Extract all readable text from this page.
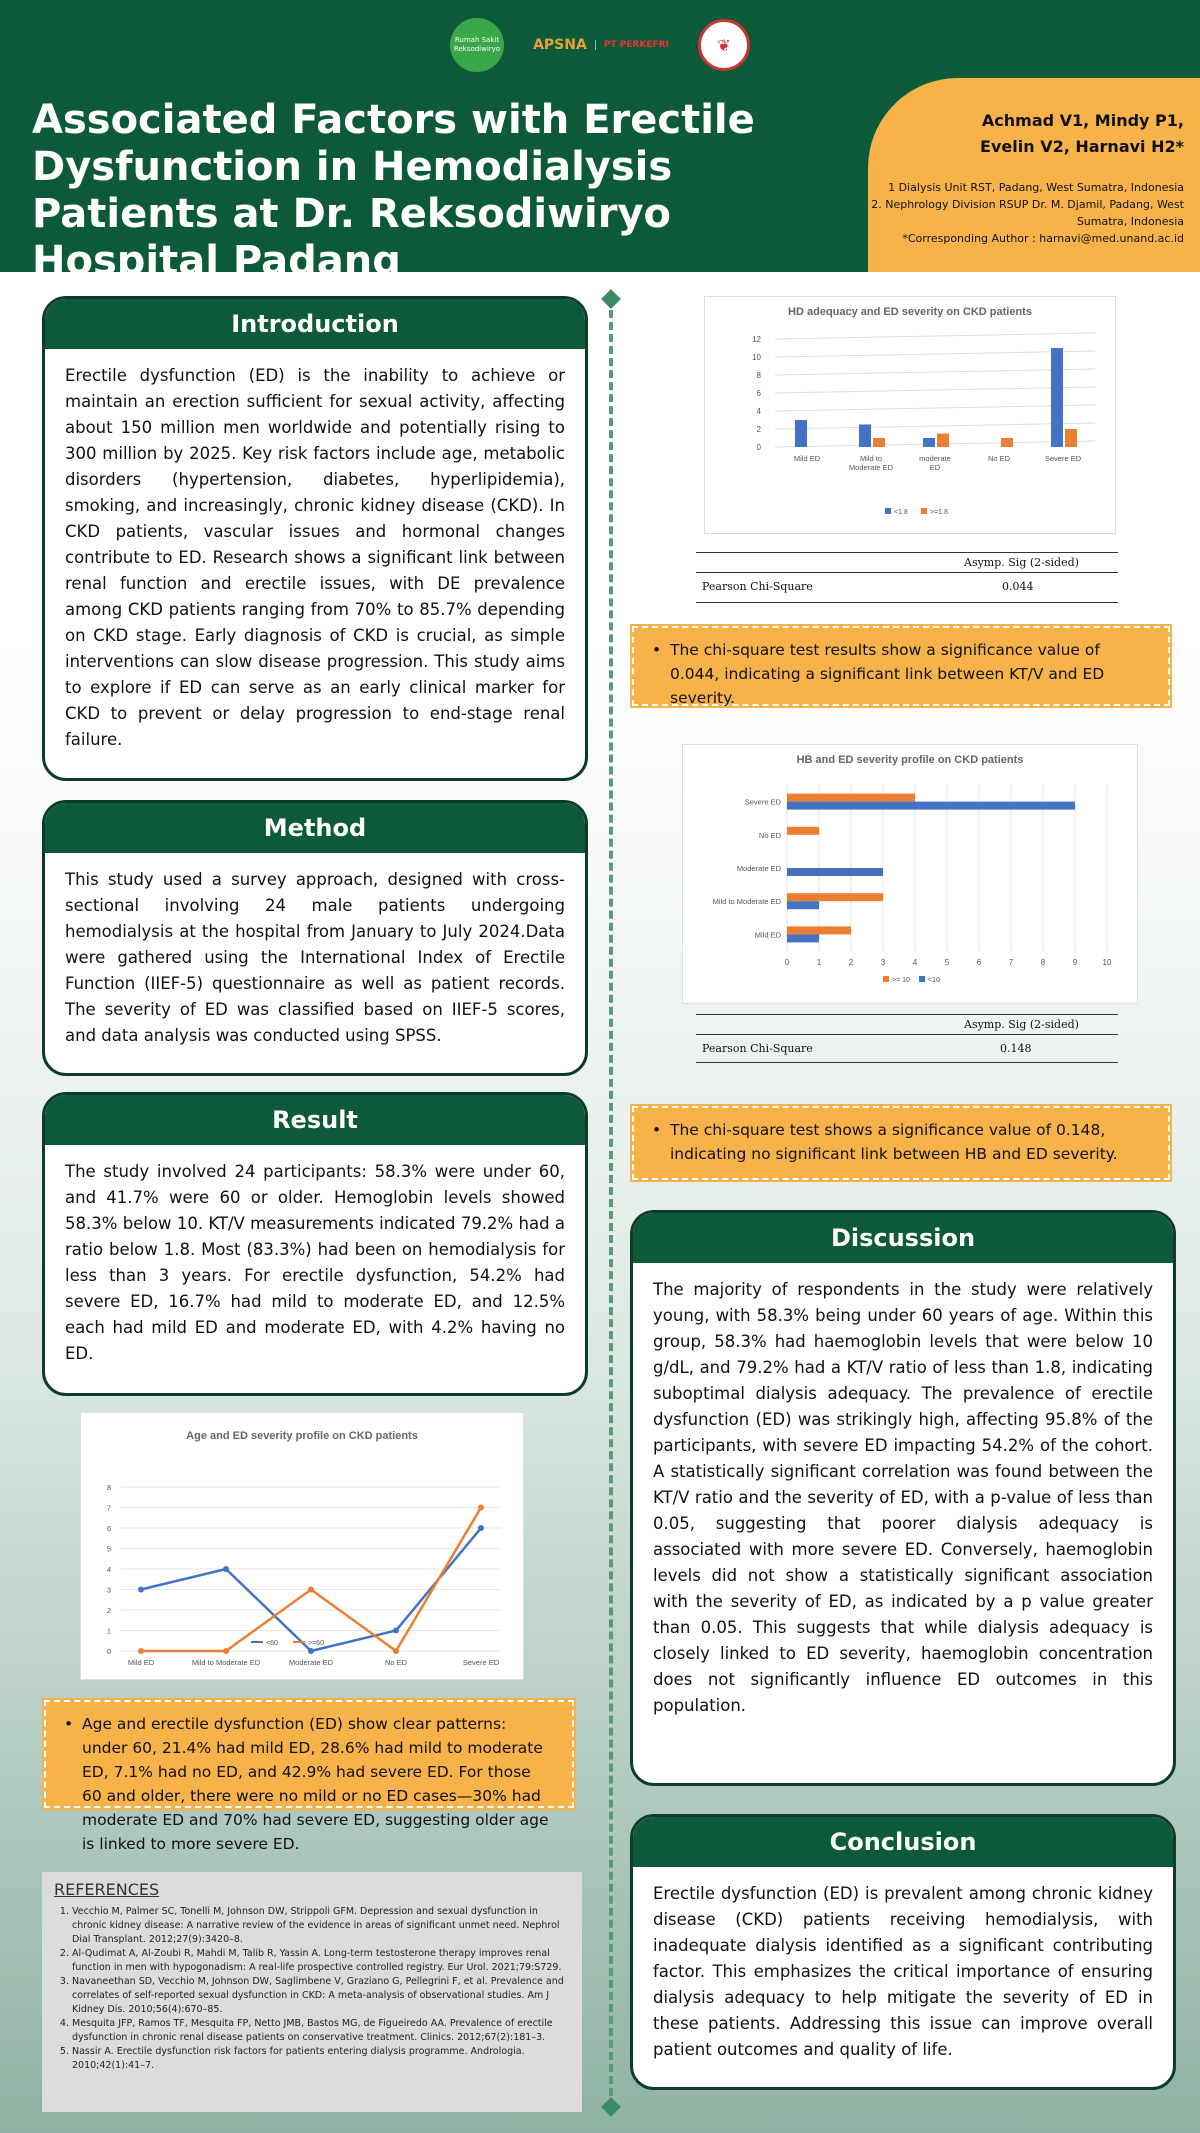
Rumah Sakit Reksodiwiryo APSNA	PT PERKEFRI	❦
Associated Factors with Erectile Dysfunction in Hemodialysis Patients at Dr. Reksodiwiryo Hospital Padang
Achmad V1, Mindy P1,
Evelin V2, Harnavi H2*
1 Dialysis Unit RST, Padang, West Sumatra, Indonesia
2. Nephrology Division RSUP Dr. M. Djamil, Padang, West Sumatra, Indonesia
*Corresponding Author : harnavi@med.unand.ac.id
Introduction
Erectile dysfunction (ED) is the inability to achieve or maintain an erection sufficient for sexual activity, affecting about 150 million men worldwide and potentially rising to 300 million by 2025. Key risk factors include age, metabolic disorders (hypertension, diabetes, hyperlipidemia), smoking, and increasingly, chronic kidney disease (CKD). In CKD patients, vascular issues and hormonal changes contribute to ED. Research shows a significant link between renal function and erectile issues, with DE prevalence among CKD patients ranging from 70% to 85.7% depending on CKD stage. Early diagnosis of CKD is crucial, as simple interventions can slow disease progression. This study aims to explore if ED can serve as an early clinical marker for CKD to prevent or delay progression to end-stage renal failure.
Method
This study used a survey approach, designed with cross-sectional involving 24 male patients undergoing hemodialysis at the hospital from January to July 2024.Data were gathered using the International Index of Erectile Function (IIEF-5) questionnaire as well as patient records. The severity of ED was classified based on IIEF-5 scores, and data analysis was conducted using SPSS.
Result
The study involved 24 participants: 58.3% were under 60, and 41.7% were 60 or older. Hemoglobin levels showed 58.3% below 10. KT/V measurements indicated 79.2% had a ratio below 1.8. Most (83.3%) had been on hemodialysis for less than 3 years. For erectile dysfunction, 54.2% had severe ED, 16.7% had mild to moderate ED, and 12.5% each had mild ED and moderate ED, with 4.2% having no ED.
Age and ED severity profile on CKD patients
0
1
2
3
4
5
6
7
8
Mild ED	Mild to Moderate ED	Moderate ED	No ED	Severe ED
<60	>=60
• Age and erectile dysfunction (ED) show clear patterns: under 60, 21.4% had mild ED, 28.6% had mild to moderate ED, 7.1% had no ED, and 42.9% had severe ED. For those 60 and older, there were no mild or no ED cases—30% had moderate ED and 70% had severe ED, suggesting older age is linked to more severe ED.
REFERENCES
1. Vecchio M, Palmer SC, Tonelli M, Johnson DW, Strippoli GFM. Depression and sexual dysfunction in chronic kidney disease: A narrative review of the evidence in areas of significant unmet need. Nephrol Dial Transplant. 2012;27(9):3420–8.
2. Al-Qudimat A, Al-Zoubi R, Mahdi M, Talib R, Yassin A. Long-term testosterone therapy improves renal function in men with hypogonadism: A real-life prospective controlled registry. Eur Urol. 2021;79:S729.
3. Navaneethan SD, Vecchio M, Johnson DW, Saglimbene V, Graziano G, Pellegrini F, et al. Prevalence and correlates of self-reported sexual dysfunction in CKD: A meta-analysis of observational studies. Am J Kidney Dis. 2010;56(4):670–85.
4. Mesquita JFP, Ramos TF, Mesquita FP, Netto JMB, Bastos MG, de Figueiredo AA. Prevalence of erectile dysfunction in chronic renal disease patients on conservative treatment. Clinics. 2012;67(2):181–3.
5. Nassir A. Erectile dysfunction risk factors for patients entering dialysis programme. Andrologia. 2010;42(1):41–7.
HD adequacy and ED severity on CKD patients
0
2
4
6
8
10
12
Mild ED	Mild to
Moderate ED
moderate
ED
No ED	Severe ED
<1.8	>=1.8
Asymp. Sig (2-sided)
Pearson Chi-Square	0.044
• The chi-square test results show a significance value of 0.044, indicating a significant link between KT/V and ED severity.
HB and ED severity profile on CKD patients
0	1	2	3	4	5	6	7	8	9	10
Severe ED
No ED
Moderate ED
Mild to Moderate ED
Mild ED
>= 10	<10
Asymp. Sig (2-sided)
Pearson Chi-Square	0.148
• The chi-square test shows a significance value of 0.148, indicating no significant link between HB and ED severity.
Discussion
The majority of respondents in the study were relatively young, with 58.3% being under 60 years of age. Within this group, 58.3% had haemoglobin levels that were below 10 g/dL, and 79.2% had a KT/V ratio of less than 1.8, indicating suboptimal dialysis adequacy. The prevalence of erectile dysfunction (ED) was strikingly high, affecting 95.8% of the participants, with severe ED impacting 54.2% of the cohort. A statistically significant correlation was found between the KT/V ratio and the severity of ED, with a p-value of less than 0.05, suggesting that poorer dialysis adequacy is associated with more severe ED. Conversely, haemoglobin levels did not show a statistically significant association with the severity of ED, as indicated by a p value greater than 0.05. This suggests that while dialysis adequacy is closely linked to ED severity, haemoglobin concentration does not significantly influence ED outcomes in this population.
Conclusion
Erectile dysfunction (ED) is prevalent among chronic kidney disease (CKD) patients receiving hemodialysis, with inadequate dialysis identified as a significant contributing factor. This emphasizes the critical importance of ensuring dialysis adequacy to help mitigate the severity of ED in these patients. Addressing this issue can improve overall patient outcomes and quality of life.
